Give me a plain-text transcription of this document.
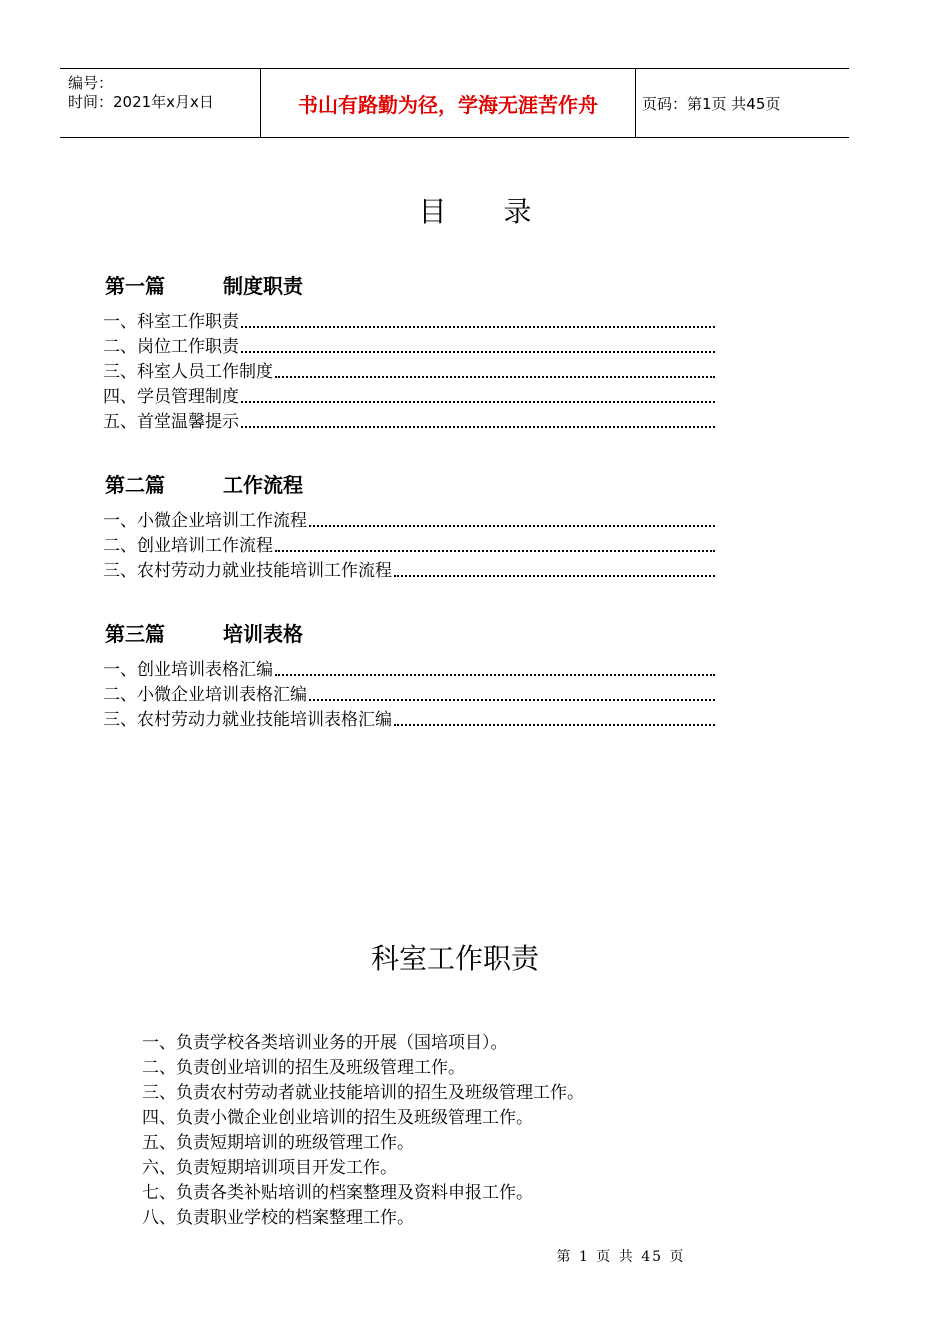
编号：
时间：2021年x月x日	书山有路勤为径，学海无涯苦作舟	页码：第1页 共45页
目 录
第一篇	制度职责
一、科室工作职责
二、岗位工作职责
三、科室人员工作制度
四、学员管理制度
五、首堂温馨提示
第二篇	工作流程
一、小微企业培训工作流程
二、创业培训工作流程
三、农村劳动力就业技能培训工作流程
第三篇	培训表格
一、创业培训表格汇编
二、小微企业培训表格汇编
三、农村劳动力就业技能培训表格汇编
科室工作职责
一、负责学校各类培训业务的开展（国培项目）。
二、负责创业培训的招生及班级管理工作。
三、负责农村劳动者就业技能培训的招生及班级管理工作。
四、负责小微企业创业培训的招生及班级管理工作。
五、负责短期培训的班级管理工作。
六、负责短期培训项目开发工作。
七、负责各类补贴培训的档案整理及资料申报工作。
八、负责职业学校的档案整理工作。
第 1 页 共 45 页
